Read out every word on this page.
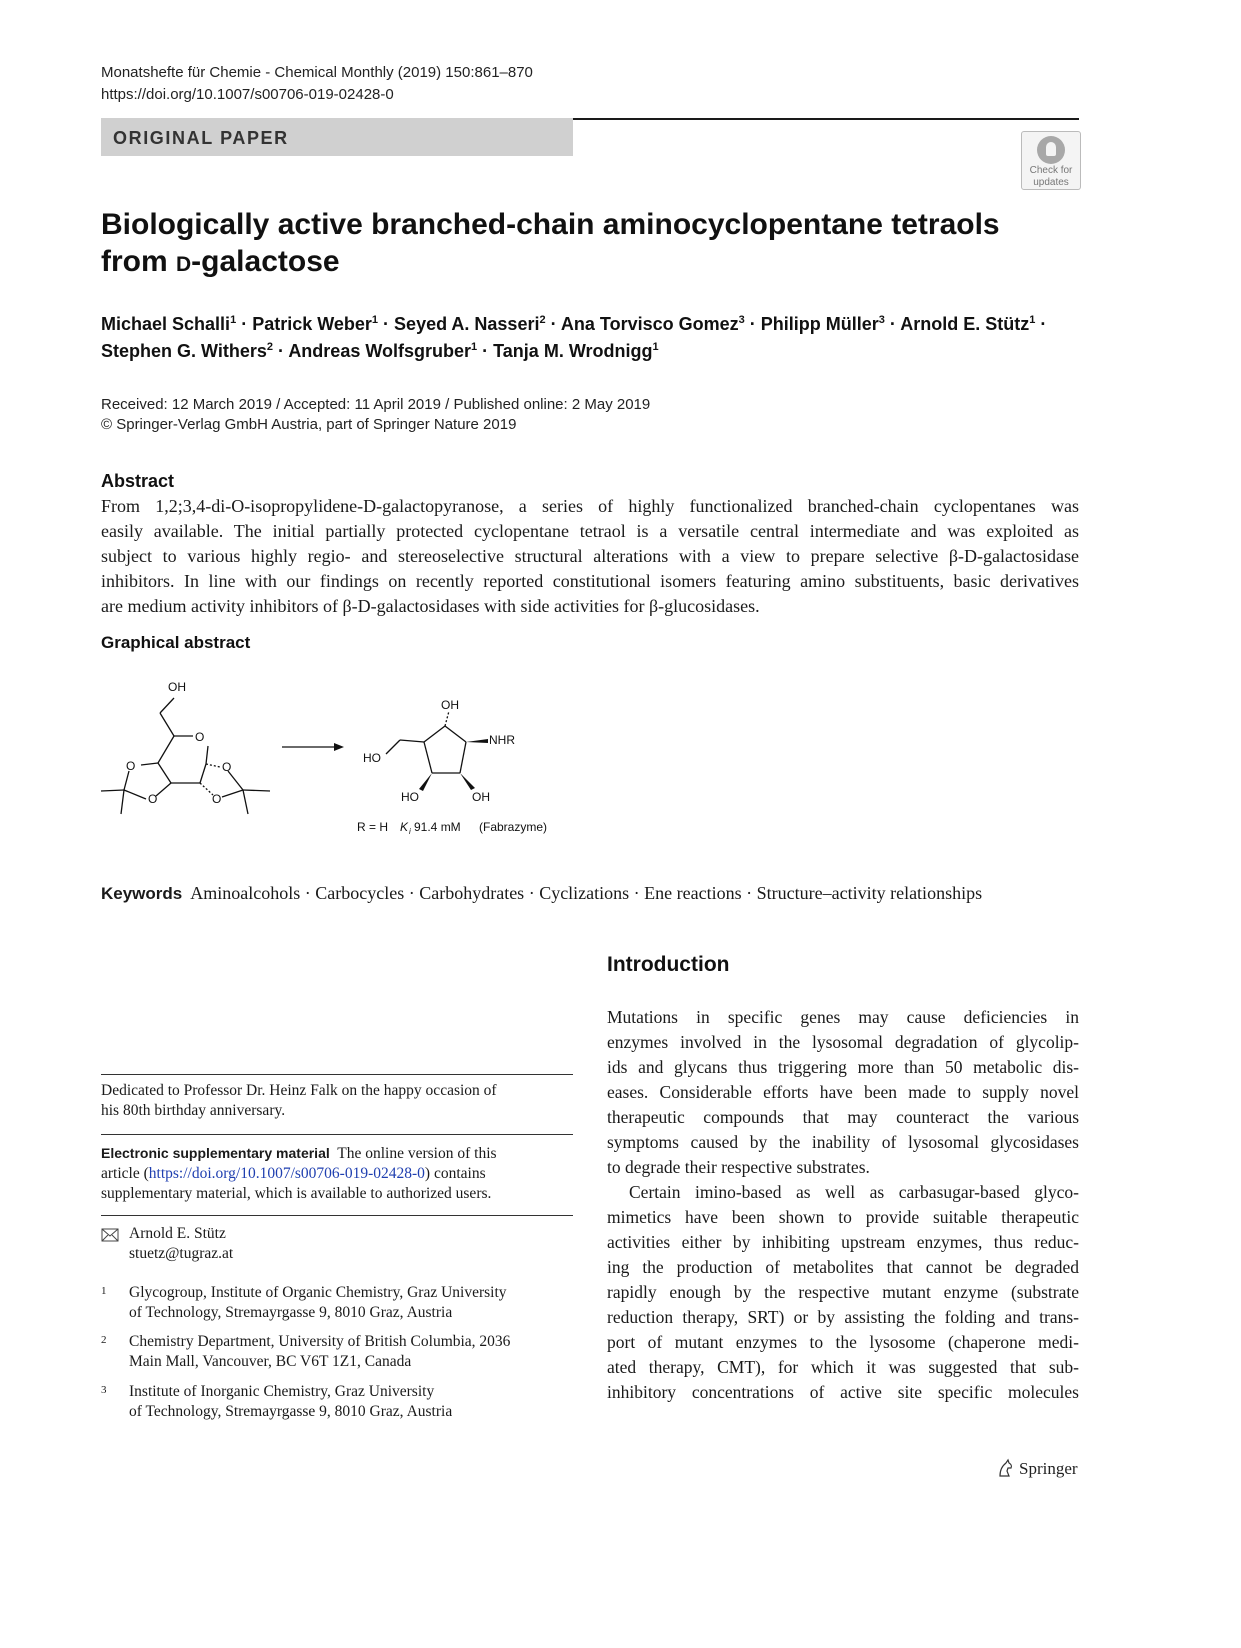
Monatshefte für Chemie - Chemical Monthly (2019) 150:861–870
https://doi.org/10.1007/s00706-019-02428-0
ORIGINAL PAPER
Check for
updates
Biologically active branched-chain aminocyclopentane tetraols
from d-galactose
Michael Schalli$^1$ · Patrick Weber$^1$ · Seyed A. Nasseri$^2$ · Ana Torvisco Gomez$^3$ · Philipp Müller$^3$ · Arnold E. Stütz$^1$ ·
Stephen G. Withers$^2$ · Andreas Wolfsgruber$^1$ · Tanja M. Wrodnigg$^1$
Received: 12 March 2019 / Accepted: 11 April 2019 / Published online: 2 May 2019
© Springer-Verlag GmbH Austria, part of Springer Nature 2019
Abstract
From 1,2;3,4-di-O-isopropylidene-D-galactopyranose, a series of highly functionalized branched-chain cyclopentanes was
easily available. The initial partially protected cyclopentane tetraol is a versatile central intermediate and was exploited as
subject to various highly regio- and stereoselective structural alterations with a view to prepare selective β-D-galactosidase
inhibitors. In line with our findings on recently reported constitutional isomers featuring amino substituents, basic derivatives
are medium activity inhibitors of β-D-galactosidases with side activities for β-glucosidases.
Graphical abstract
OH
O
O
O
O
O
OH
NHR
HO
HO	OH
R = H K i 91.4 mM (Fabrazyme)
Keywords Aminoalcohols · Carbocycles · Carbohydrates · Cyclizations · Ene reactions · Structure–activity relationships
Introduction
Mutations in specific genes may cause deficiencies in
enzymes involved in the lysosomal degradation of glycolip-
ids and glycans thus triggering more than 50 metabolic dis-
eases. Considerable efforts have been made to supply novel
therapeutic compounds that may counteract the various
symptoms caused by the inability of lysosomal glycosidases
to degrade their respective substrates.
Certain imino-based as well as carbasugar-based glyco-
mimetics have been shown to provide suitable therapeutic
activities either by inhibiting upstream enzymes, thus reduc-
ing the production of metabolites that cannot be degraded
rapidly enough by the respective mutant enzyme (substrate
reduction therapy, SRT) or by assisting the folding and trans-
port of mutant enzymes to the lysosome (chaperone medi-
ated therapy, CMT), for which it was suggested that sub-
inhibitory concentrations of active site specific molecules
Dedicated to Professor Dr. Heinz Falk on the happy occasion of
his 80th birthday anniversary.
Electronic supplementary material The online version of this
article (https://doi.org/10.1007/s00706-019-02428-0) contains
supplementary material, which is available to authorized users.
Arnold E. Stütz
stuetz@tugraz.at
1	Glycogroup, Institute of Organic Chemistry, Graz University
of Technology, Stremayrgasse 9, 8010 Graz, Austria
2	Chemistry Department, University of British Columbia, 2036
Main Mall, Vancouver, BC V6T 1Z1, Canada
3	Institute of Inorganic Chemistry, Graz University
of Technology, Stremayrgasse 9, 8010 Graz, Austria
Springer
